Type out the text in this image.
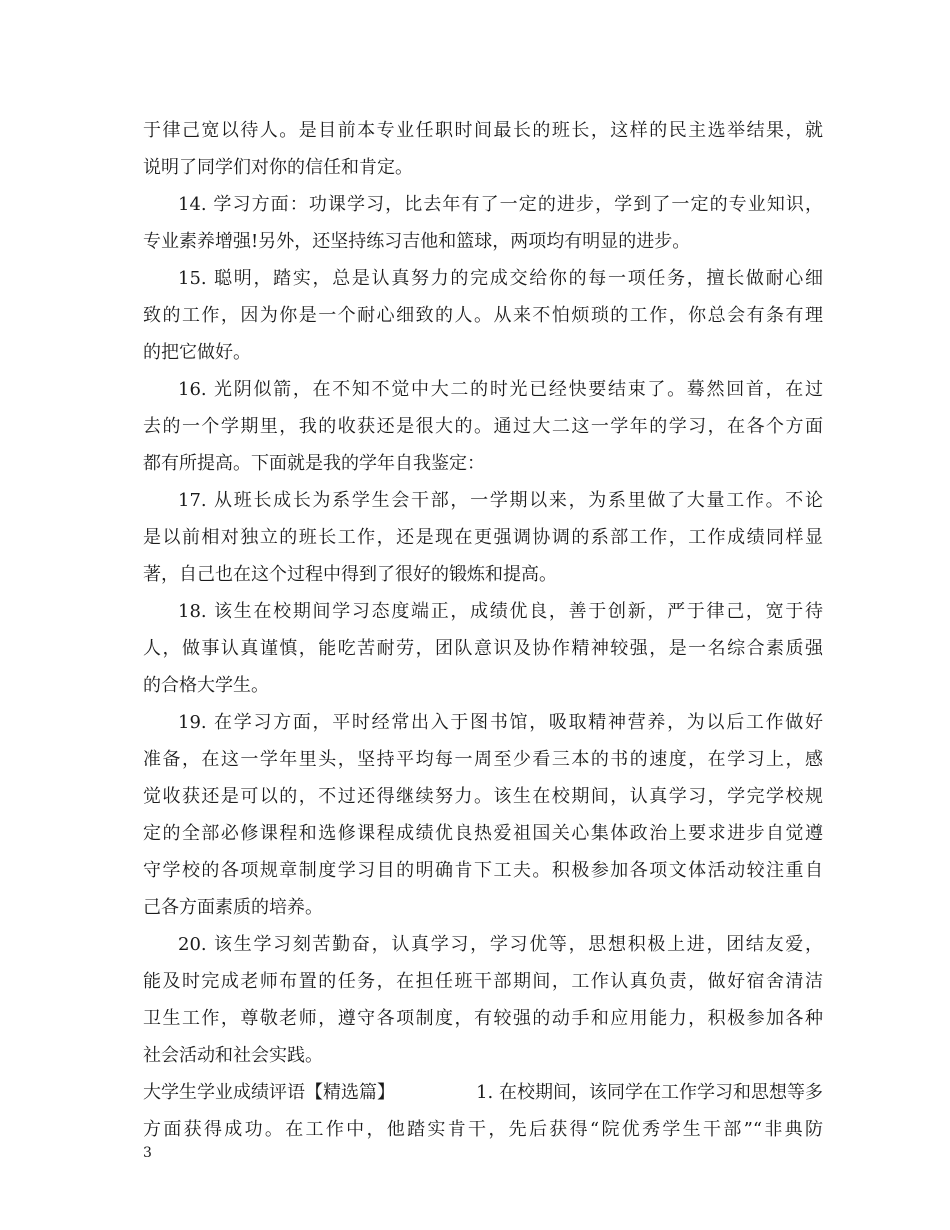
于律己宽以待人。是目前本专业任职时间最长的班长，这样的民主选举结果，就
说明了同学们对你的信任和肯定。
14. 学习方面：功课学习，比去年有了一定的进步，学到了一定的专业知识，
专业素养增强!另外，还坚持练习吉他和篮球，两项均有明显的进步。
15. 聪明，踏实，总是认真努力的完成交给你的每一项任务，擅长做耐心细
致的工作，因为你是一个耐心细致的人。从来不怕烦琐的工作，你总会有条有理
的把它做好。
16. 光阴似箭，在不知不觉中大二的时光已经快要结束了。蓦然回首，在过
去的一个学期里，我的收获还是很大的。通过大二这一学年的学习，在各个方面
都有所提高。下面就是我的学年自我鉴定：
17. 从班长成长为系学生会干部，一学期以来，为系里做了大量工作。不论
是以前相对独立的班长工作，还是现在更强调协调的系部工作，工作成绩同样显
著，自己也在这个过程中得到了很好的锻炼和提高。
18. 该生在校期间学习态度端正，成绩优良，善于创新，严于律己，宽于待
人，做事认真谨慎，能吃苦耐劳，团队意识及协作精神较强，是一名综合素质强
的合格大学生。
19. 在学习方面，平时经常出入于图书馆，吸取精神营养，为以后工作做好
准备，在这一学年里头，坚持平均每一周至少看三本的书的速度，在学习上，感
觉收获还是可以的，不过还得继续努力。该生在校期间，认真学习，学完学校规
定的全部必修课程和选修课程成绩优良热爱祖国关心集体政治上要求进步自觉遵
守学校的各项规章制度学习目的明确肯下工夫。积极参加各项文体活动较注重自
己各方面素质的培养。
20. 该生学习刻苦勤奋，认真学习，学习优等，思想积极上进，团结友爱，
能及时完成老师布置的任务，在担任班干部期间，工作认真负责，做好宿舍清洁
卫生工作，尊敬老师，遵守各项制度，有较强的动手和应用能力，积极参加各种
社会活动和社会实践。
大学生学业成绩评语【精选篇】	1. 在校期间，该同学在工作学习和思想等多
方面获得成功。在工作中，他踏实肯干，先后获得“院优秀学生干部”“非典防
3
